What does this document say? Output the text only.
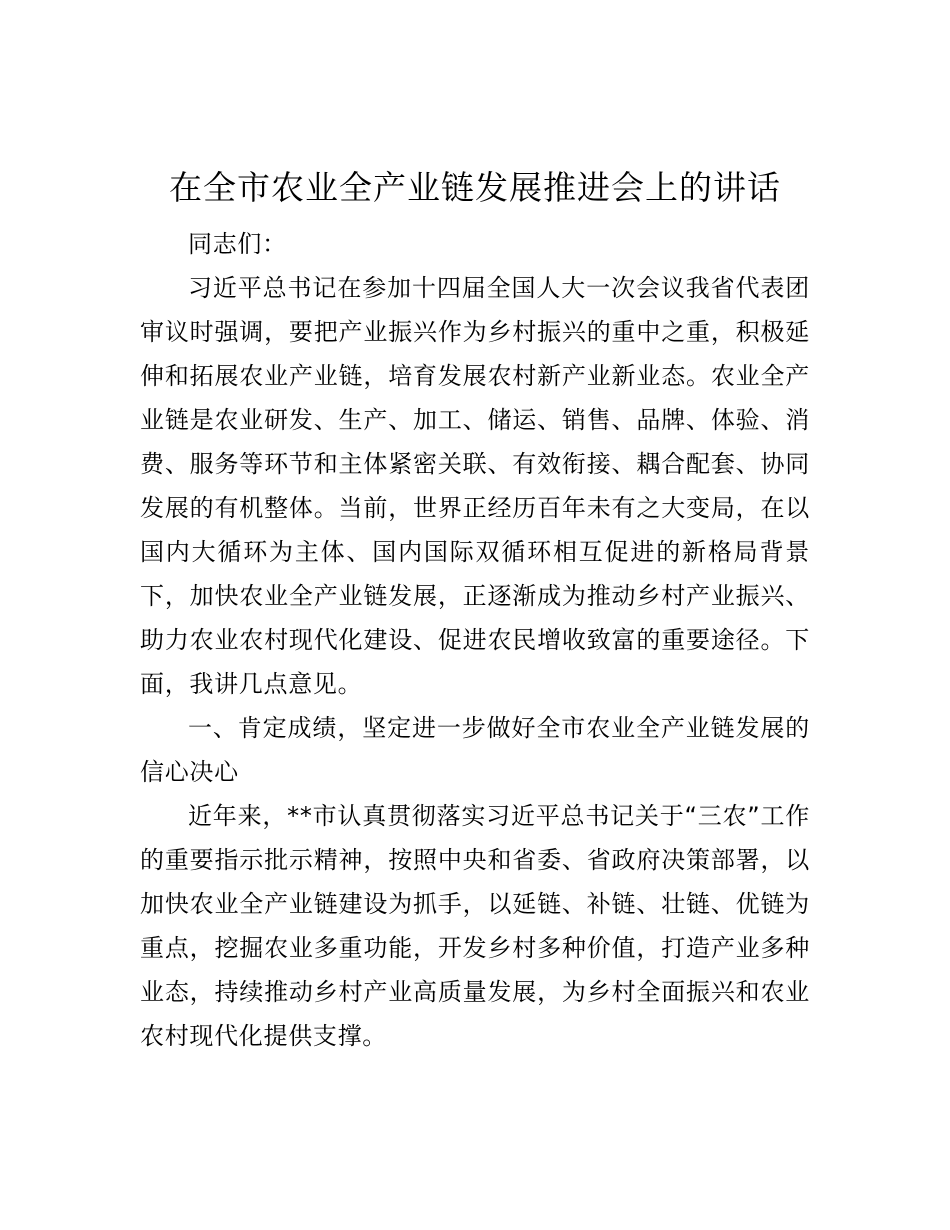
在全市农业全产业链发展推进会上的讲话

同志们：

习近平总书记在参加十四届全国人大一次会议我省代表团审议时强调，要把产业振兴作为乡村振兴的重中之重，积极延伸和拓展农业产业链，培育发展农村新产业新业态。农业全产业链是农业研发、生产、加工、储运、销售、品牌、体验、消费、服务等环节和主体紧密关联、有效衔接、耦合配套、协同发展的有机整体。当前，世界正经历百年未有之大变局，在以国内大循环为主体、国内国际双循环相互促进的新格局背景下，加快农业全产业链发展，正逐渐成为推动乡村产业振兴、助力农业农村现代化建设、促进农民增收致富的重要途径。下面，我讲几点意见。

一、肯定成绩，坚定进一步做好全市农业全产业链发展的信心决心

近年来，**市认真贯彻落实习近平总书记关于“三农”工作的重要指示批示精神，按照中央和省委、省政府决策部署，以加快农业全产业链建设为抓手，以延链、补链、壮链、优链为重点，挖掘农业多重功能，开发乡村多种价值，打造产业多种业态，持续推动乡村产业高质量发展，为乡村全面振兴和农业农村现代化提供支撑。
